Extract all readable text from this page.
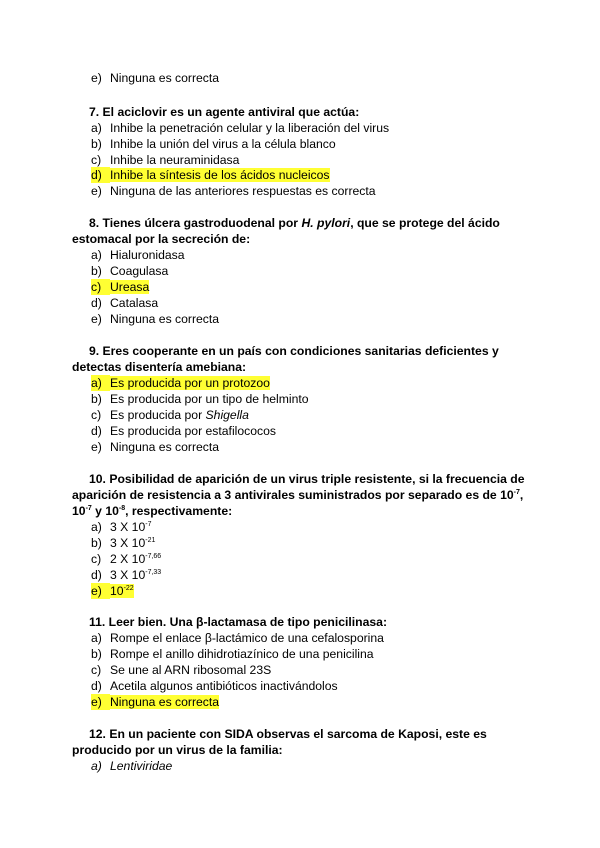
e) Ninguna es correcta
7. El aciclovir es un agente antiviral que actúa:
a) Inhibe la penetración celular y la liberación del virus
b) Inhibe la unión del virus a la célula blanco
c) Inhibe la neuraminidasa
d) Inhibe la síntesis de los ácidos nucleicos
e) Ninguna de las anteriores respuestas es correcta
8. Tienes úlcera gastroduodenal por H. pylori, que se protege del ácido estomacal por la secreción de:
a) Hialuronidasa
b) Coagulasa
c) Ureasa
d) Catalasa
e) Ninguna es correcta
9. Eres cooperante en un país con condiciones sanitarias deficientes y detectas disentería amebiana:
a) Es producida por un protozoo
b) Es producida por un tipo de helminto
c) Es producida por Shigella
d) Es producida por estafilococos
e) Ninguna es correcta
10. Posibilidad de aparición de un virus triple resistente, si la frecuencia de aparición de resistencia a 3 antivirales suministrados por separado es de $10^{-7}$,
$10^{-7}$ y $10^{-8}$, respectivamente:
a) 3 X $10^{-7}$
b) 3 X $10^{-21}$
c) 2 X $10^{-7,66}$
d) 3 X $10^{-7,33}$
e) $10^{-22}$
11. Leer bien. Una β-lactamasa de tipo penicilinasa:
a) Rompe el enlace β-lactámico de una cefalosporina
b) Rompe el anillo dihidrotiazínico de una penicilina
c) Se une al ARN ribosomal 23S
d) Acetila algunos antibióticos inactivándolos
e) Ninguna es correcta
12. En un paciente con SIDA observas el sarcoma de Kaposi, este es producido por un virus de la familia:
a) Lentiviridae
